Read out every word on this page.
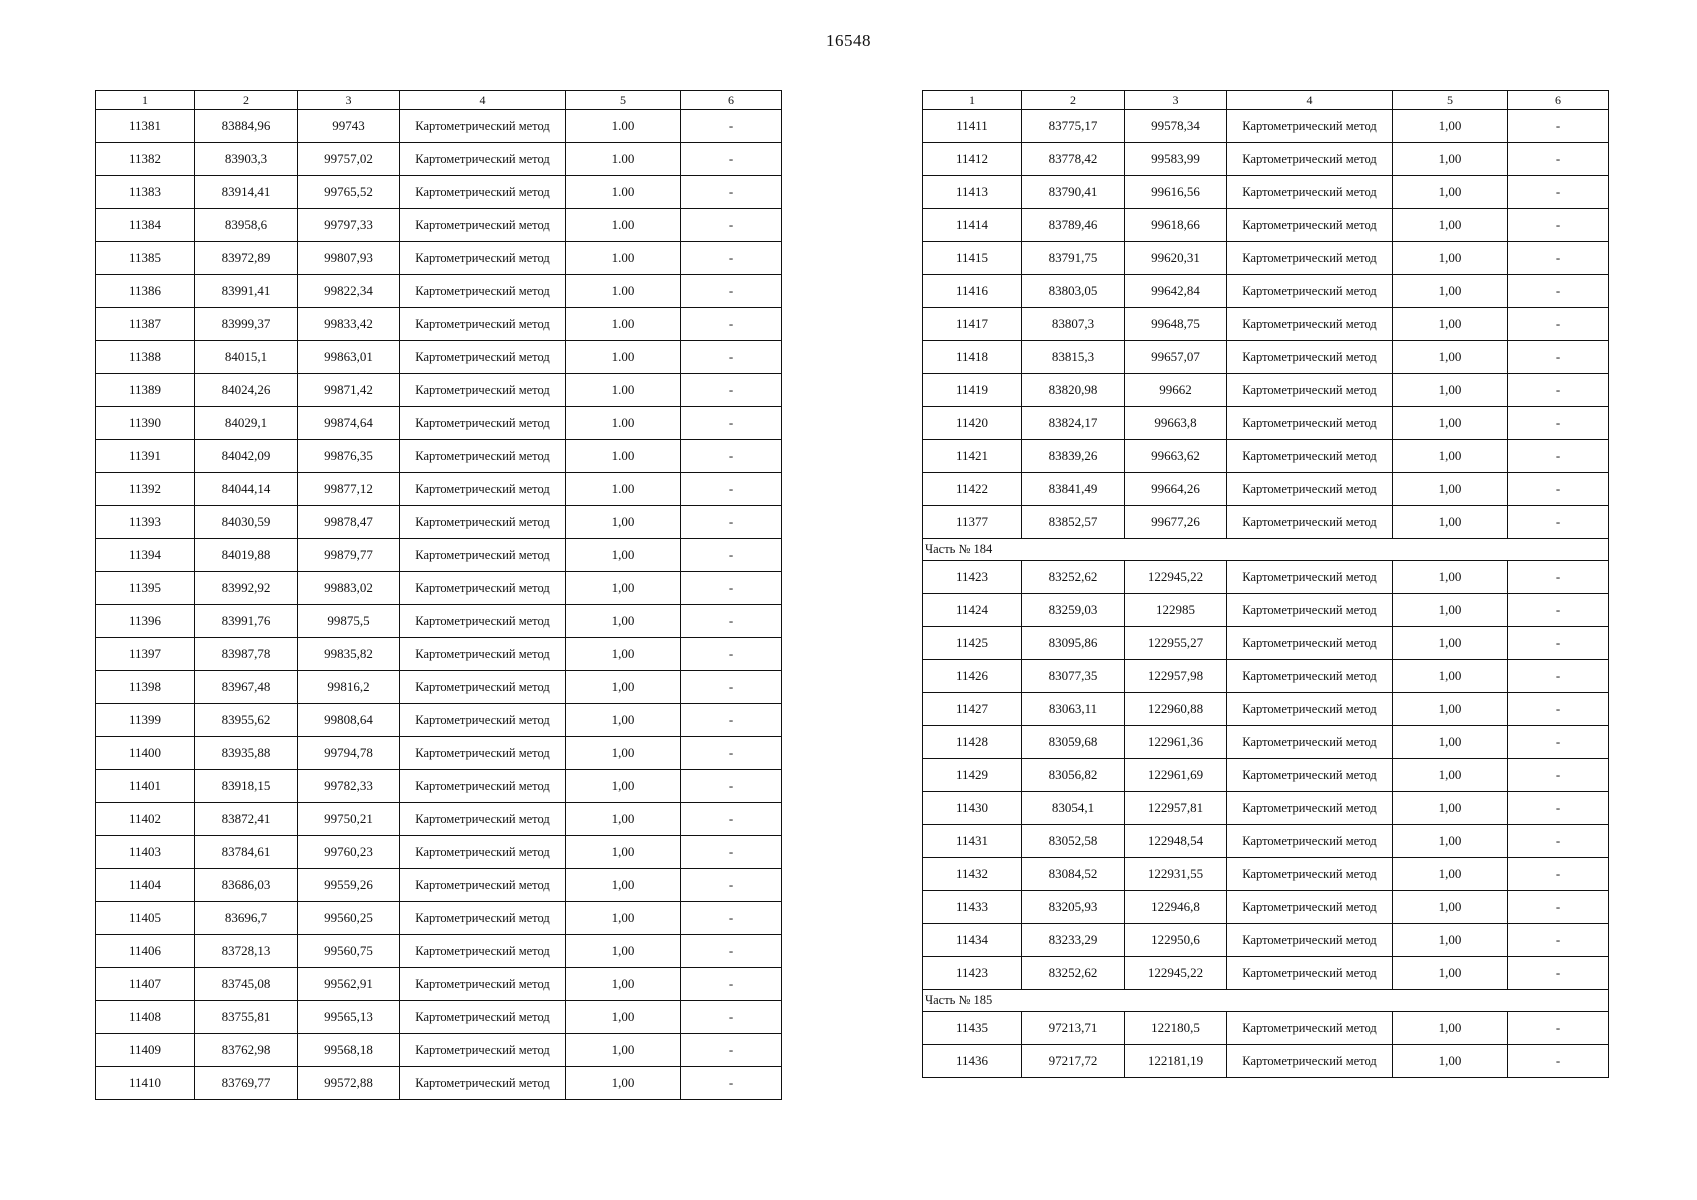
16548
1	2	3	4	5	6
11381	83884,96	99743	Картометрический метод	1.00	-
11382	83903,3	99757,02	Картометрический метод	1.00	-
11383	83914,41	99765,52	Картометрический метод	1.00	-
11384	83958,6	99797,33	Картометрический метод	1.00	-
11385	83972,89	99807,93	Картометрический метод	1.00	-
11386	83991,41	99822,34	Картометрический метод	1.00	-
11387	83999,37	99833,42	Картометрический метод	1.00	-
11388	84015,1	99863,01	Картометрический метод	1.00	-
11389	84024,26	99871,42	Картометрический метод	1.00	-
11390	84029,1	99874,64	Картометрический метод	1.00	-
11391	84042,09	99876,35	Картометрический метод	1.00	-
11392	84044,14	99877,12	Картометрический метод	1.00	-
11393	84030,59	99878,47	Картометрический метод	1,00	-
11394	84019,88	99879,77	Картометрический метод	1,00	-
11395	83992,92	99883,02	Картометрический метод	1,00	-
11396	83991,76	99875,5	Картометрический метод	1,00	-
11397	83987,78	99835,82	Картометрический метод	1,00	-
11398	83967,48	99816,2	Картометрический метод	1,00	-
11399	83955,62	99808,64	Картометрический метод	1,00	-
11400	83935,88	99794,78	Картометрический метод	1,00	-
11401	83918,15	99782,33	Картометрический метод	1,00	-
11402	83872,41	99750,21	Картометрический метод	1,00	-
11403	83784,61	99760,23	Картометрический метод	1,00	-
11404	83686,03	99559,26	Картометрический метод	1,00	-
11405	83696,7	99560,25	Картометрический метод	1,00	-
11406	83728,13	99560,75	Картометрический метод	1,00	-
11407	83745,08	99562,91	Картометрический метод	1,00	-
11408	83755,81	99565,13	Картометрический метод	1,00	-
11409	83762,98	99568,18	Картометрический метод	1,00	-
11410	83769,77	99572,88	Картометрический метод	1,00	-
1	2	3	4	5	6
11411	83775,17	99578,34	Картометрический метод	1,00	-
11412	83778,42	99583,99	Картометрический метод	1,00	-
11413	83790,41	99616,56	Картометрический метод	1,00	-
11414	83789,46	99618,66	Картометрический метод	1,00	-
11415	83791,75	99620,31	Картометрический метод	1,00	-
11416	83803,05	99642,84	Картометрический метод	1,00	-
11417	83807,3	99648,75	Картометрический метод	1,00	-
11418	83815,3	99657,07	Картометрический метод	1,00	-
11419	83820,98	99662	Картометрический метод	1,00	-
11420	83824,17	99663,8	Картометрический метод	1,00	-
11421	83839,26	99663,62	Картометрический метод	1,00	-
11422	83841,49	99664,26	Картометрический метод	1,00	-
11377	83852,57	99677,26	Картометрический метод	1,00	-
Часть № 184					
11423	83252,62	122945,22	Картометрический метод	1,00	-
11424	83259,03	122985	Картометрический метод	1,00	-
11425	83095,86	122955,27	Картометрический метод	1,00	-
11426	83077,35	122957,98	Картометрический метод	1,00	-
11427	83063,11	122960,88	Картометрический метод	1,00	-
11428	83059,68	122961,36	Картометрический метод	1,00	-
11429	83056,82	122961,69	Картометрический метод	1,00	-
11430	83054,1	122957,81	Картометрический метод	1,00	-
11431	83052,58	122948,54	Картометрический метод	1,00	-
11432	83084,52	122931,55	Картометрический метод	1,00	-
11433	83205,93	122946,8	Картометрический метод	1,00	-
11434	83233,29	122950,6	Картометрический метод	1,00	-
11423	83252,62	122945,22	Картометрический метод	1,00	-
Часть № 185					
11435	97213,71	122180,5	Картометрический метод	1,00	-
11436	97217,72	122181,19	Картометрический метод	1,00	-
